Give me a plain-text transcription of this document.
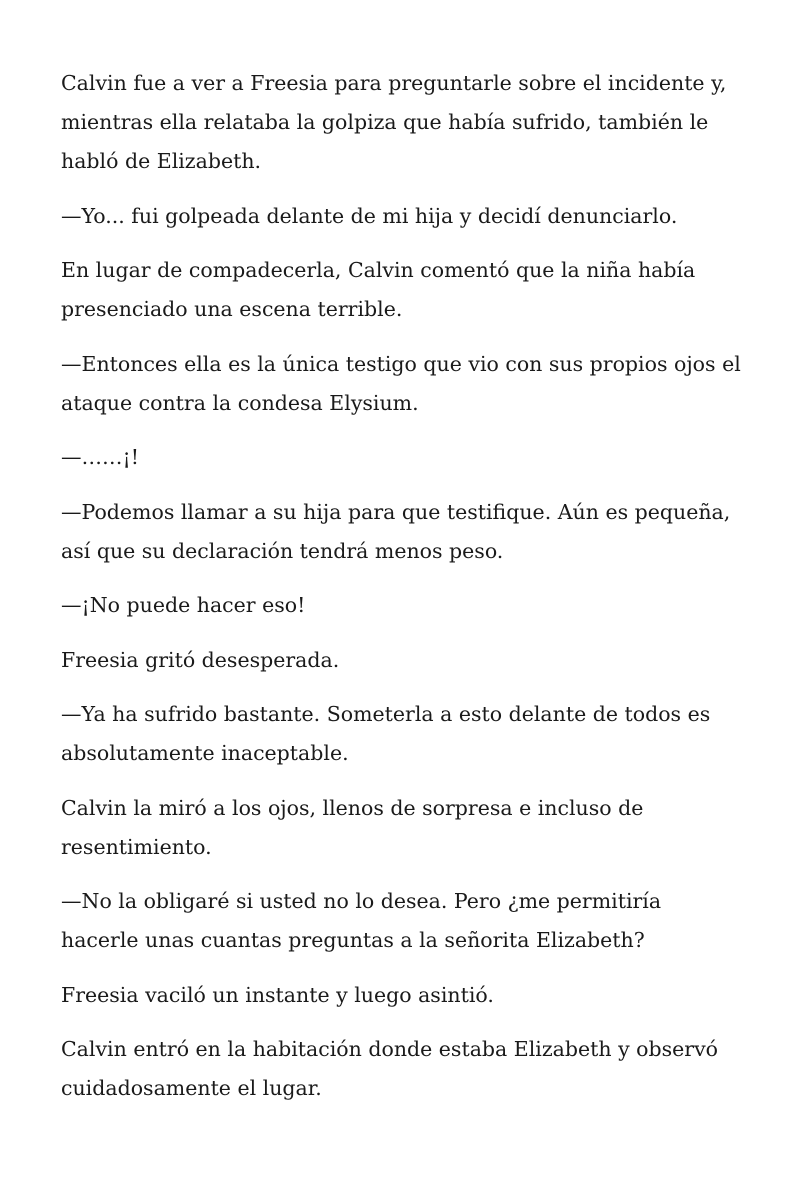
Calvin fue a ver a Freesia para preguntarle sobre el incidente y, mientras ella relataba la golpiza que había sufrido, también le habló de Elizabeth.

—Yo... fui golpeada delante de mi hija y decidí denunciarlo.

En lugar de compadecerla, Calvin comentó que la niña había presenciado una escena terrible.

—Entonces ella es la única testigo que vio con sus propios ojos el ataque contra la condesa Elysium.

—……¡!

—Podemos llamar a su hija para que testifique. Aún es pequeña, así que su declaración tendrá menos peso.

—¡No puede hacer eso!

Freesia gritó desesperada.

—Ya ha sufrido bastante. Someterla a esto delante de todos es absolutamente inaceptable.

Calvin la miró a los ojos, llenos de sorpresa e incluso de resentimiento.

—No la obligaré si usted no lo desea. Pero ¿me permitiría hacerle unas cuantas preguntas a la señorita Elizabeth?

Freesia vaciló un instante y luego asintió.

Calvin entró en la habitación donde estaba Elizabeth y observó cuidadosamente el lugar.
